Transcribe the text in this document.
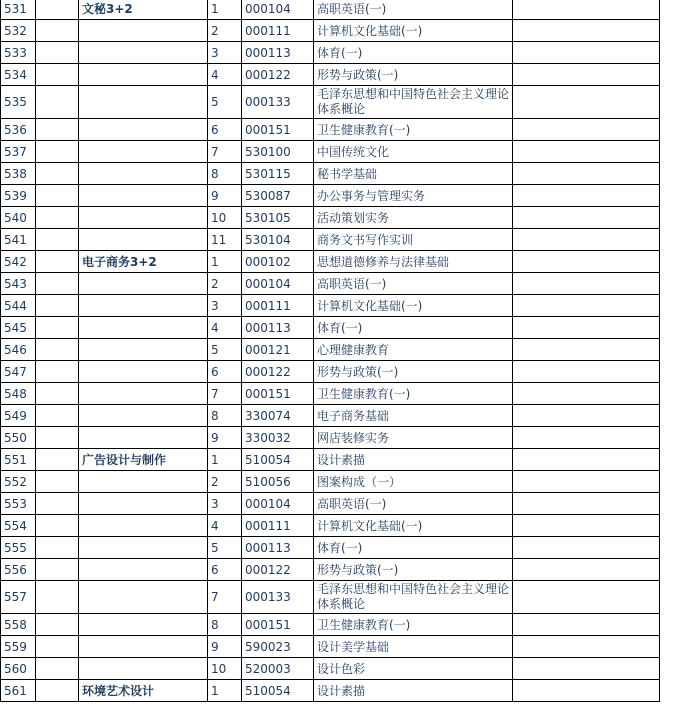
531		文秘3+2	1	000104	高职英语(一)	
532			2	000111	计算机文化基础(一)	
533			3	000113	体育(一)	
534			4	000122	形势与政策(一)	
535			5	000133	毛泽东思想和中国特色社会主义理论体系概论	
536			6	000151	卫生健康教育(一)	
537			7	530100	中国传统文化	
538			8	530115	秘书学基础	
539			9	530087	办公事务与管理实务	
540			10	530105	活动策划实务	
541			11	530104	商务文书写作实训	
542		电子商务3+2	1	000102	思想道德修养与法律基础	
543			2	000104	高职英语(一)	
544			3	000111	计算机文化基础(一)	
545			4	000113	体育(一)	
546			5	000121	心理健康教育	
547			6	000122	形势与政策(一)	
548			7	000151	卫生健康教育(一)	
549			8	330074	电子商务基础	
550			9	330032	网店装修实务	
551		广告设计与制作	1	510054	设计素描	
552			2	510056	图案构成（一）	
553			3	000104	高职英语(一)	
554			4	000111	计算机文化基础(一)	
555			5	000113	体育(一)	
556			6	000122	形势与政策(一)	
557			7	000133	毛泽东思想和中国特色社会主义理论体系概论	
558			8	000151	卫生健康教育(一)	
559			9	590023	设计美学基础	
560			10	520003	设计色彩	
561		环境艺术设计	1	510054	设计素描	
